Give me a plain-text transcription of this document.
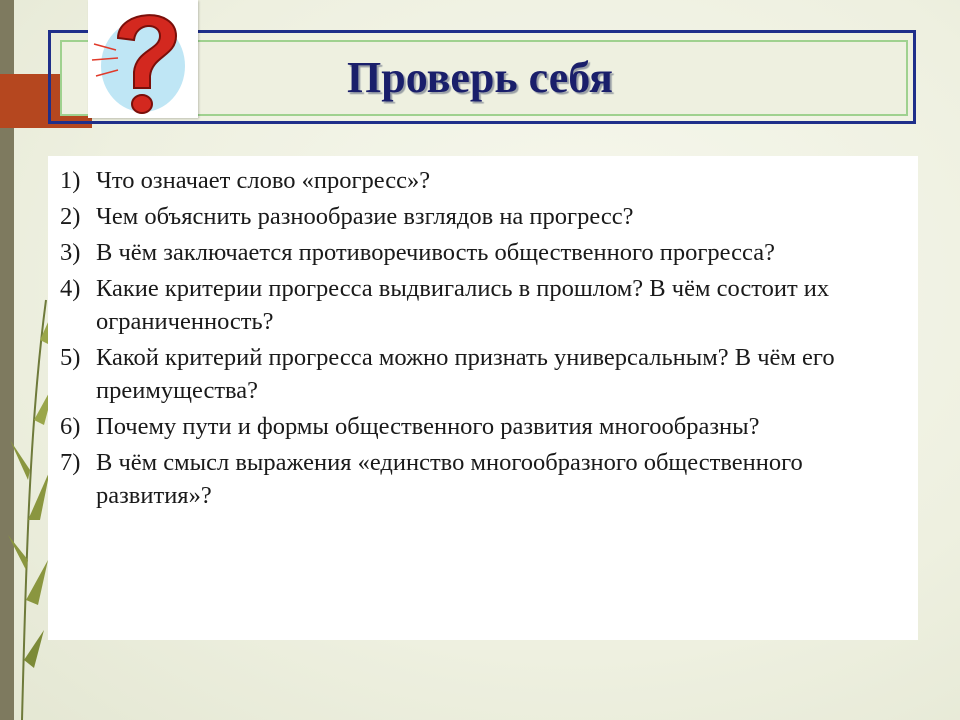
Проверь себя
1) Что означает слово «прогресс»?
2) Чем объяснить разнообразие взглядов на прогресс?
3) В чём заключается противоречивость общественного прогресса?
4) Какие критерии прогресса выдвигались в прошлом? В чём состоит их ограниченность?
5) Какой критерий прогресса можно признать универсальным? В чём его преимущества?
6) Почему пути и формы общественного развития многообразны?
7) В чём смысл выражения «единство многообразного общественного развития»?
